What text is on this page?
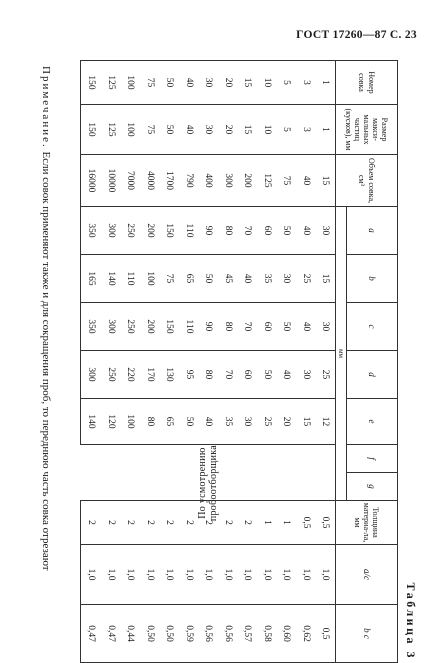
ГОСТ 17260—87 С. 23
Таблица 3
Номер совка	Размер макси-мальных частиц (кусков), мм	Объем совка, см³	a	b	c	d	e	f	g	Толщина материа-ла, мм	a/c	b c
			мм									
1	1	15	30	15	30	25	12	По усмотрению пробоотборщика		0,5	1,0	0,5
3	3	40	40	25	40	30	15			0,5	1,0	0,62
5	5	75	50	30	50	40	20			1	1,0	0,60
10	10	125	60	35	60	50	25			1	1,0	0,58
15	15	200	70	40	70	60	30			2	1,0	0,57
20	20	300	80	45	80	70	35			2	1,0	0,56
30	30	400	90	50	90	80	40			2	1,0	0,56
40	40	790	110	65	110	95	50			2	1,0	0,59
50	50	1700	150	75	150	130	65			2	1,0	0,50
75	75	4000	200	100	200	170	80			2	1,0	0,50
100	100	7000	250	110	250	220	100			2	1,0	0,44
125	125	10000	300	140	300	250	120			2	1,0	0,47
150	150	16000	350	165	350	300	140			2	1,0	0,47
Примечание. Если совок применяют также и для сокращения проб, то переднюю часть совка отрезают
